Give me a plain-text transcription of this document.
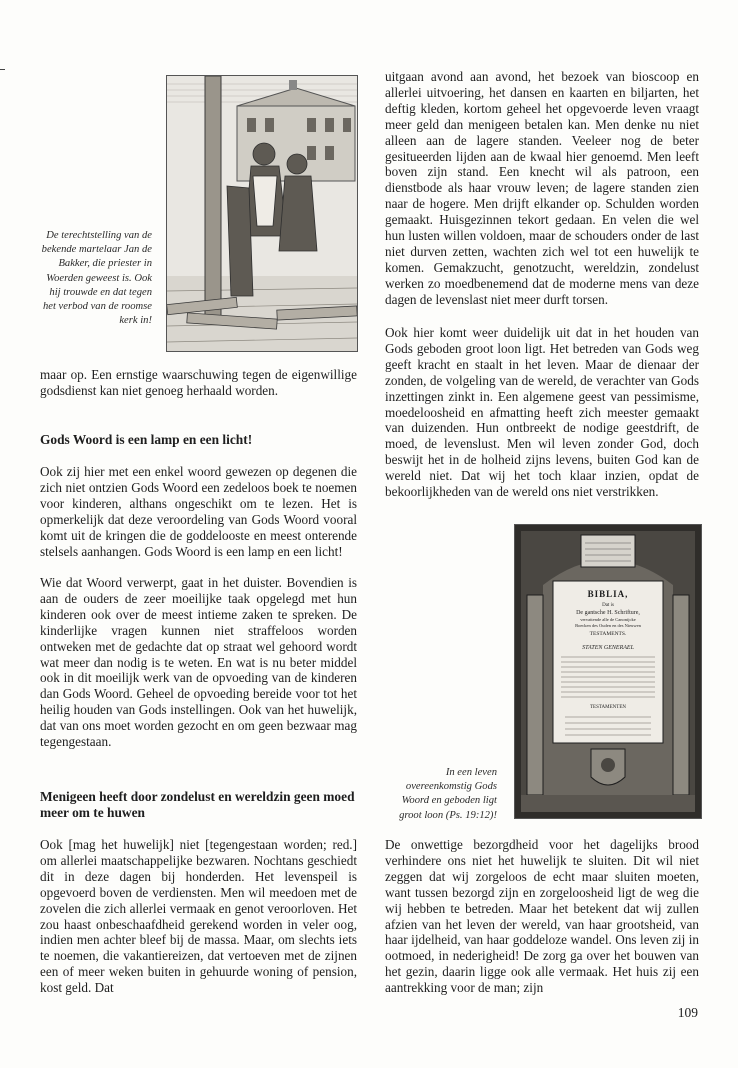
De terechtstelling van de bekende martelaar Jan de Bakker, die priester in Woerden geweest is. Ook hij trouwde en dat tegen het verbod van de roomse kerk in!

maar op. Een ernstige waarschuwing tegen de eigenwillige godsdienst kan niet genoeg herhaald worden.

Gods Woord is een lamp en een licht!

Ook zij hier met een enkel woord gewezen op degenen die zich niet ontzien Gods Woord een zedeloos boek te noemen voor kinderen, althans ongeschikt om te lezen. Het is opmerkelijk dat deze veroordeling van Gods Woord vooral komt uit de kringen die de goddelooste en meest onterende stelsels aanhangen. Gods Woord is een lamp en een licht!

Wie dat Woord verwerpt, gaat in het duister. Bovendien is aan de ouders de zeer moeilijke taak opgelegd met hun kinderen ook over de meest intieme zaken te spreken. De kinderlijke vragen kunnen niet straffeloos worden ontweken met de gedachte dat op straat wel gehoord wordt wat meer dan nodig is te weten. En wat is nu beter middel ook in dit moeilijk werk van de opvoeding van de kinderen dan Gods Woord. Geheel de opvoeding bereide voor tot het heilig houden van Gods instellingen. Ook van het huwelijk, dat van ons moet worden gezocht en om geen bezwaar mag tegengestaan.

Menigeen heeft door zondelust en wereldzin geen moed meer om te huwen

Ook [mag het huwelijk] niet [tegengestaan worden; red.] om allerlei maatschappelijke bezwaren. Nochtans geschiedt dit in deze dagen bij honderden. Het levenspeil is opgevoerd boven de verdiensten. Men wil meedoen met de zovelen die zich allerlei vermaak en genot veroorloven. Het zou haast onbeschaafdheid gerekend worden in veler oog, indien men achter bleef bij de massa. Maar, om slechts iets te noemen, die vakantiereizen, dat vertoeven met de zijnen een of meer weken buiten in gehuurde woning of pension, kost geld. Dat

uitgaan avond aan avond, het bezoek van bioscoop en allerlei uitvoering, het dansen en kaarten en biljarten, het deftig kleden, kortom geheel het opgevoerde leven vraagt meer geld dan menigeen betalen kan. Men denke nu niet alleen aan de lagere standen. Veeleer nog de beter gesitueerden lijden aan de kwaal hier genoemd. Men leeft boven zijn stand. Een knecht wil als patroon, een dienstbode als haar vrouw leven; de lagere standen zien naar de hogere. Men drijft elkander op. Schulden worden gemaakt. Huisgezinnen tekort gedaan. En velen die wel hun lusten willen voldoen, maar de schouders onder de last niet durven zetten, wachten zich wel tot een huwelijk te komen. Gemakzucht, genotzucht, wereldzin, zondelust werken zo moedbenemend dat de moderne mens van deze dagen de levenslast niet meer durft torsen.

Ook hier komt weer duidelijk uit dat in het houden van Gods geboden groot loon ligt. Het betreden van Gods weg geeft kracht en staalt in het leven. Maar de dienaar der zonden, de volgeling van de wereld, de verachter van Gods inzettingen zinkt in. Een algemene geest van pessimisme, moedeloosheid en afmatting heeft zich meester gemaakt van duizenden. Hun ontbreekt de nodige geestdrift, de moed, de levenslust. Men wil leven zonder God, doch beswijt het in de holheid zijns levens, buiten God kan de wereld niet. Dat wij het toch klaar inzien, opdat de bekoorlijkheden van de wereld ons niet verstrikken.

BIBLIA,
Dat is
De gantsche H. Schrifture,
vervattende alle de Canonijcke
Boecken des Ouden en des Nieuwen
TESTAMENTS.
STATEN GENERAEL
TESTAMENTEN
In een leven overeenkomstig Gods Woord en geboden ligt groot loon (Ps. 19:12)!

De onwettige bezorgdheid voor het dagelijks brood verhindere ons niet het huwelijk te sluiten. Dit wil niet zeggen dat wij zorgeloos de echt maar sluiten moeten, want tussen bezorgd zijn en zorgeloosheid ligt de weg die wij hebben te betreden. Maar het betekent dat wij zullen afzien van het leven der wereld, van haar grootsheid, van haar ijdelheid, van haar goddeloze wandel. Ons leven zij in ootmoed, in nederigheid! De zorg ga over het bouwen van het gezin, daarin ligge ook alle vermaak. Het huis zij een aantrekking voor de man; zijn

109
